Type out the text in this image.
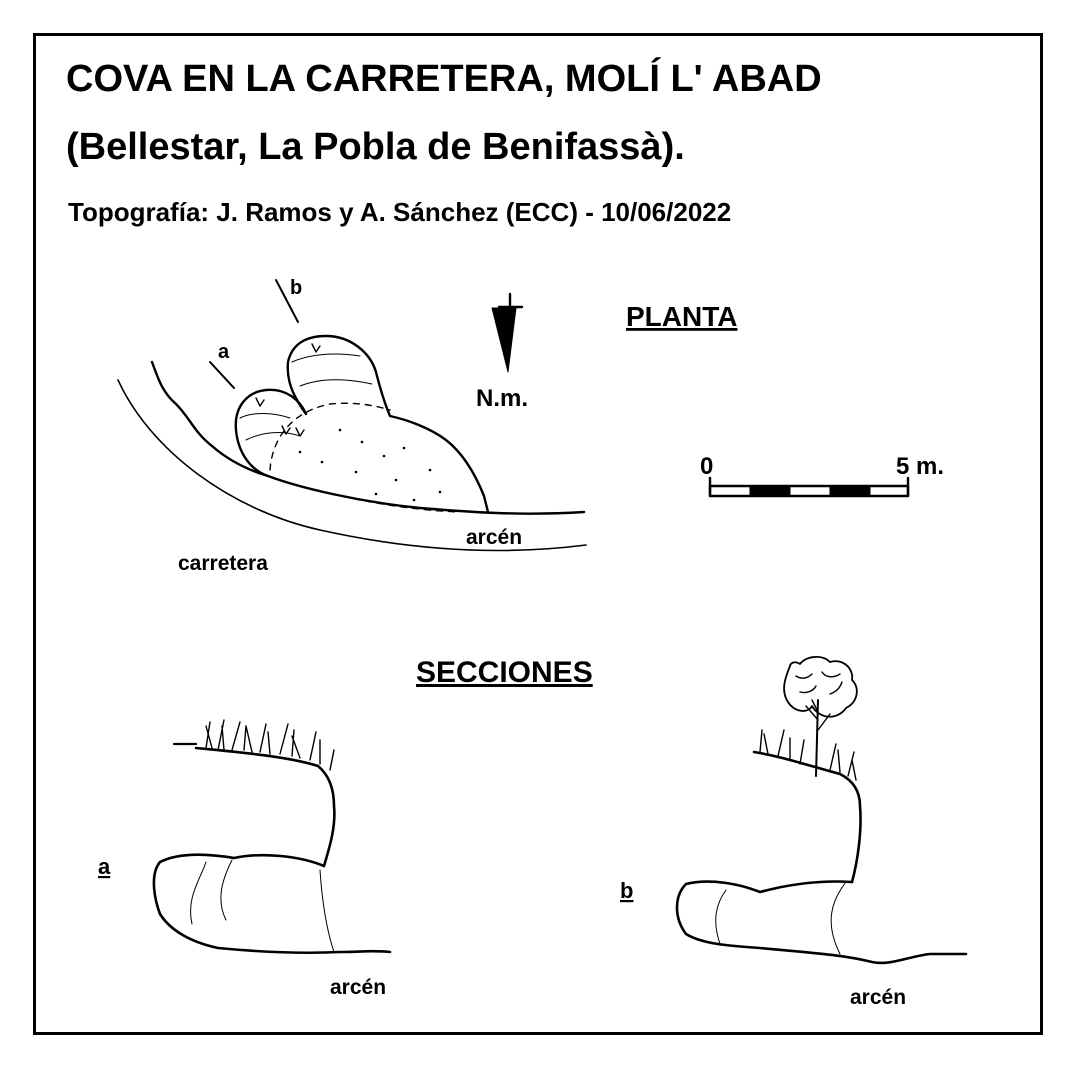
COVA EN LA CARRETERA, MOLÍ L' ABAD
(Bellestar, La Pobla de Benifassà).
Topografía: J. Ramos y A. Sánchez (ECC) - 10/06/2022
PLANTA
N.m.
a
b
carretera
arcén
0	5 m.
SECCIONES
a
arcén
b
arcén
